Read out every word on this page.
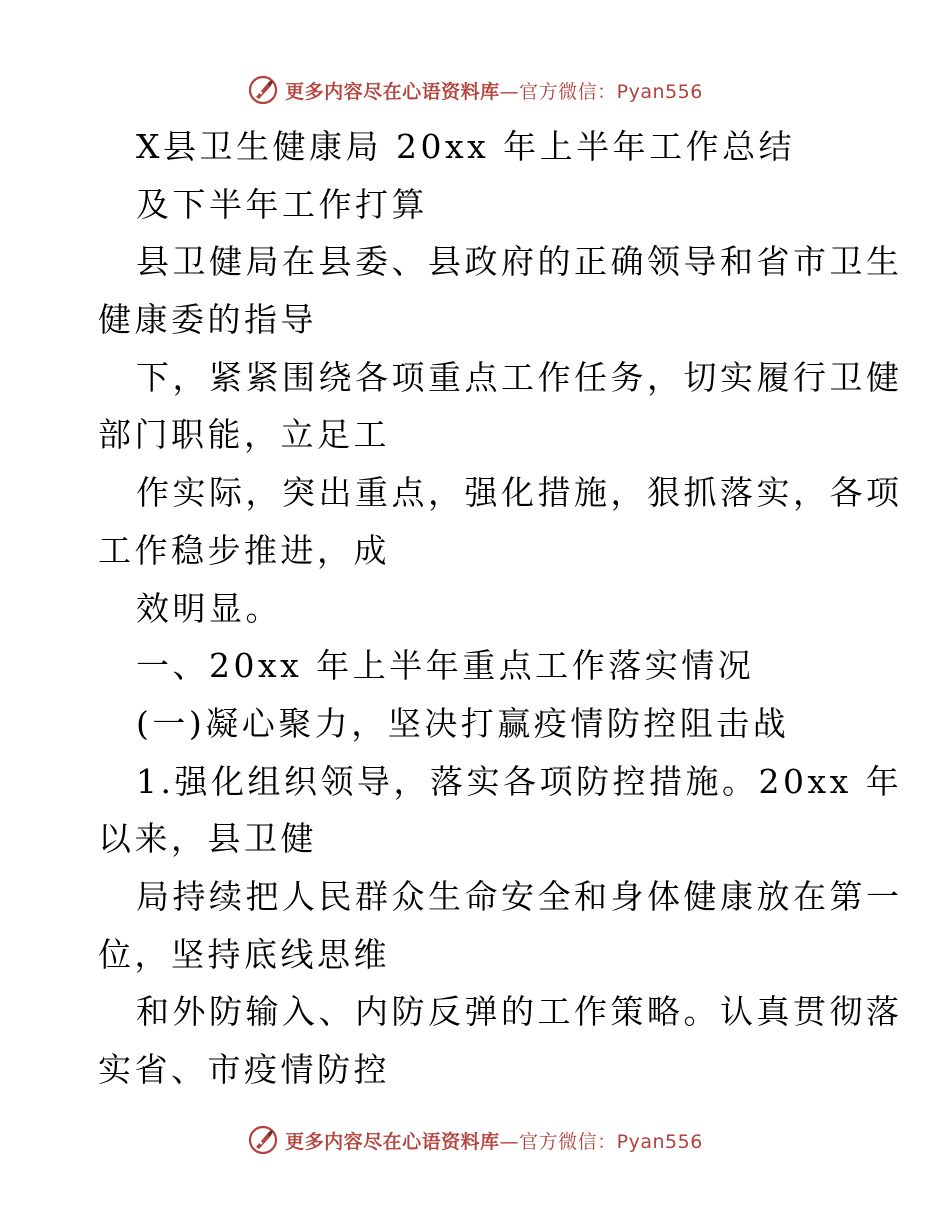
更多内容尽在心语资料库—官方微信：Pyan556
X县卫生健康局 20xx 年上半年工作总结
及下半年工作打算
县卫健局在县委、县政府的正确领导和省市卫生
健康委的指导
下，紧紧围绕各项重点工作任务，切实履行卫健
部门职能，立足工
作实际，突出重点，强化措施，狠抓落实，各项
工作稳步推进，成
效明显。
一、20xx 年上半年重点工作落实情况
(一)凝心聚力，坚决打赢疫情防控阻击战
1.强化组织领导，落实各项防控措施。20xx 年
以来，县卫健
局持续把人民群众生命安全和身体健康放在第一
位，坚持底线思维
和外防输入、内防反弹的工作策略。认真贯彻落
实省、市疫情防控
更多内容尽在心语资料库—官方微信：Pyan556
